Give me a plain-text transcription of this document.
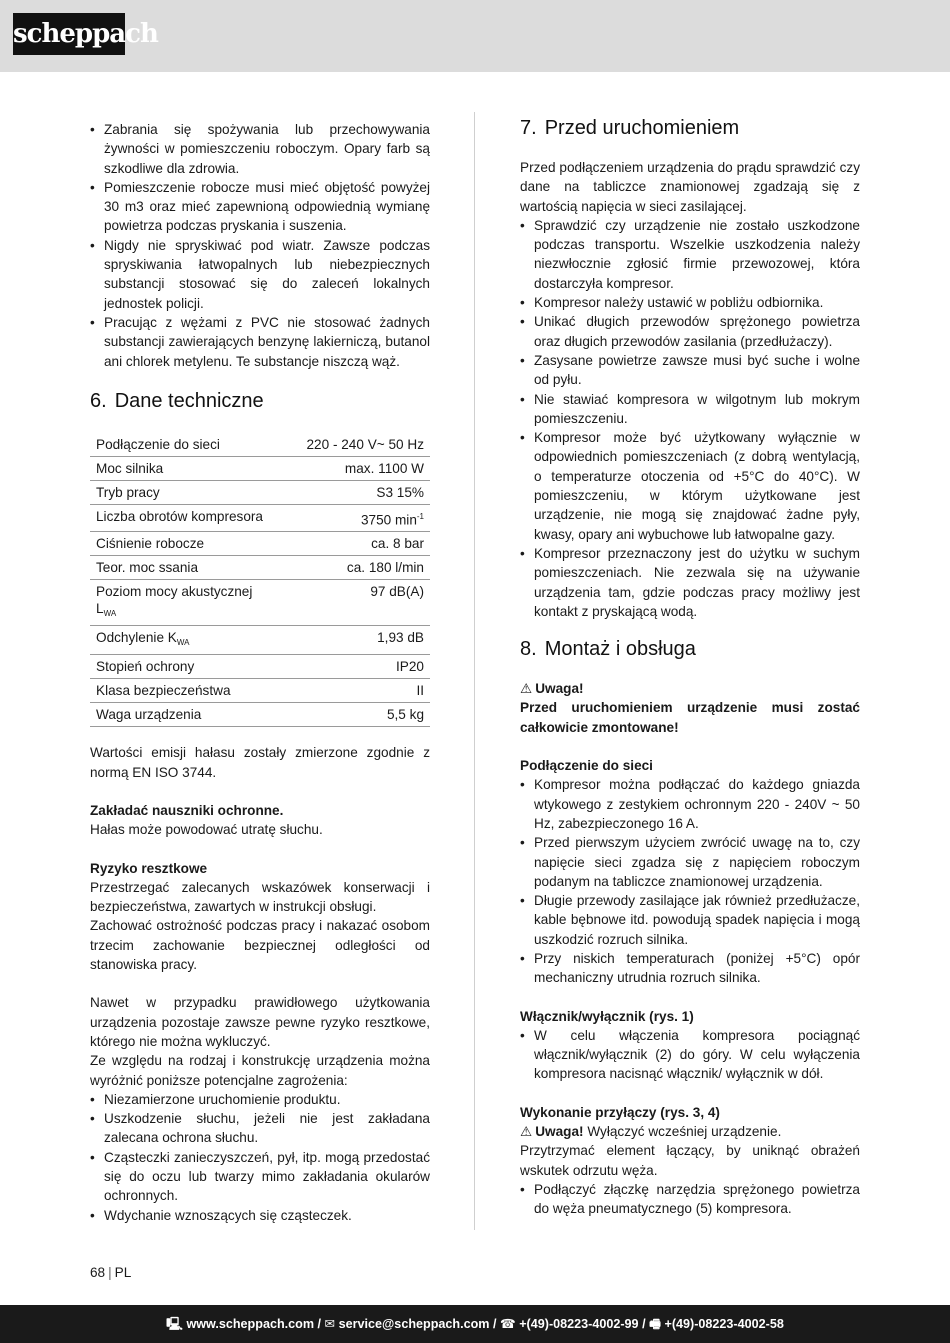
scheppach
• Zabrania się spożywania lub przechowywania żywności w pomieszczeniu roboczym. Opary farb są szkodliwe dla zdrowia.
• Pomieszczenie robocze musi mieć objętość powyżej 30 m3 oraz mieć zapewnioną odpowiednią wymianę powietrza podczas pryskania i suszenia.
• Nigdy nie spryskiwać pod wiatr. Zawsze podczas spryskiwania łatwopalnych lub niebezpiecznych substancji stosować się do zaleceń lokalnych jednostek policji.
• Pracując z wężami z PVC nie stosować żadnych substancji zawierających benzynę lakierniczą, butanol ani chlorek metylenu. Te substancje niszczą wąż.
6. Dane techniczne
Podłączenie do sieci	220 - 240 V~ 50 Hz
Moc silnika	max. 1100 W
Tryb pracy	S3 15%
Liczba obrotów kompresora	3750 $\min^{-1}$
Ciśnienie robocze	ca. 8 bar
Teor. moc ssania	ca. 180 l/min
Poziom mocy akustycznej $L_{WA}$	97 dB(A)
Odchylenie $K_{WA}$	1,93 dB
Stopień ochrony	IP20
Klasa bezpieczeństwa	II
Waga urządzenia	5,5 kg

Wartości emisji hałasu zostały zmierzone zgodnie z normą EN ISO 3744.

Zakładać nauszniki ochronne.

Hałas może powodować utratę słuchu.

Ryzyko resztkowe

Przestrzegać zalecanych wskazówek konserwacji i bezpieczeństwa, zawartych w instrukcji obsługi.

Zachować ostrożność podczas pracy i nakazać osobom trzecim zachowanie bezpiecznej odległości od stanowiska pracy.

Nawet w przypadku prawidłowego użytkowania urządzenia pozostaje zawsze pewne ryzyko resztkowe, którego nie można wykluczyć.

Ze względu na rodzaj i konstrukcję urządzenia można wyróżnić poniższe potencjalne zagrożenia:

• Niezamierzone uruchomienie produktu.
• Uszkodzenie słuchu, jeżeli nie jest zakładana zalecana ochrona słuchu.
• Cząsteczki zanieczyszczeń, pył, itp. mogą przedostać się do oczu lub twarzy mimo zakładania okularów ochronnych.
• Wdychanie wznoszących się cząsteczek.
7. Przed uruchomieniem

Przed podłączeniem urządzenia do prądu sprawdzić czy dane na tabliczce znamionowej zgadzają się z wartością napięcia w sieci zasilającej.

• Sprawdzić czy urządzenie nie zostało uszkodzone podczas transportu. Wszelkie uszkodzenia należy niezwłocznie zgłosić firmie przewozowej, która dostarczyła kompresor.
• Kompresor należy ustawić w pobliżu odbiornika.
• Unikać długich przewodów sprężonego powietrza oraz długich przewodów zasilania (przedłużaczy).
• Zasysane powietrze zawsze musi być suche i wolne od pyłu.
• Nie stawiać kompresora w wilgotnym lub mokrym pomieszczeniu.
• Kompresor może być użytkowany wyłącznie w odpowiednich pomieszczeniach (z dobrą wentylacją, o temperaturze otoczenia od +5°C do 40°C). W pomieszczeniu, w którym użytkowane jest urządzenie, nie mogą się znajdować żadne pyły, kwasy, opary ani wybuchowe lub łatwopalne gazy.
• Kompresor przeznaczony jest do użytku w suchym pomieszczeniach. Nie zezwala się na używanie urządzenia tam, gdzie podczas pracy możliwy jest kontakt z pryskającą wodą.
8. Montaż i obsługa

⚠ Uwaga!

Przed uruchomieniem urządzenie musi zostać całkowicie zmontowane!

Podłączenie do sieci

• Kompresor można podłączać do każdego gniazda wtykowego z zestykiem ochronnym 220 - 240V ~ 50 Hz, zabezpieczonego 16 A.
• Przed pierwszym użyciem zwrócić uwagę na to, czy napięcie sieci zgadza się z napięciem roboczym podanym na tabliczce znamionowej urządzenia.
• Długie przewody zasilające jak również przedłużacze, kable bębnowe itd. powodują spadek napięcia i mogą uszkodzić rozruch silnika.
• Przy niskich temperaturach (poniżej +5°C) opór mechaniczny utrudnia rozruch silnika.

Włącznik/wyłącznik (rys. 1)

• W celu włączenia kompresora pociągnąć włącznik/wyłącznik (2) do góry. W celu wyłączenia kompresora nacisnąć włącznik/ wyłącznik w dół.

Wykonanie przyłączy (rys. 3, 4)

⚠ Uwaga! Wyłączyć wcześniej urządzenie.

Przytrzymać element łączący, by uniknąć obrażeń wskutek odrzutu węża.

• Podłączyć złączkę narzędzia sprężonego powietrza do węża pneumatycznego (5) kompresora.
68 | PL
🖳 www.scheppach.com / ✉ service@scheppach.com / ☎ +(49)-08223-4002-99 / 🖷 +(49)-08223-4002-58
